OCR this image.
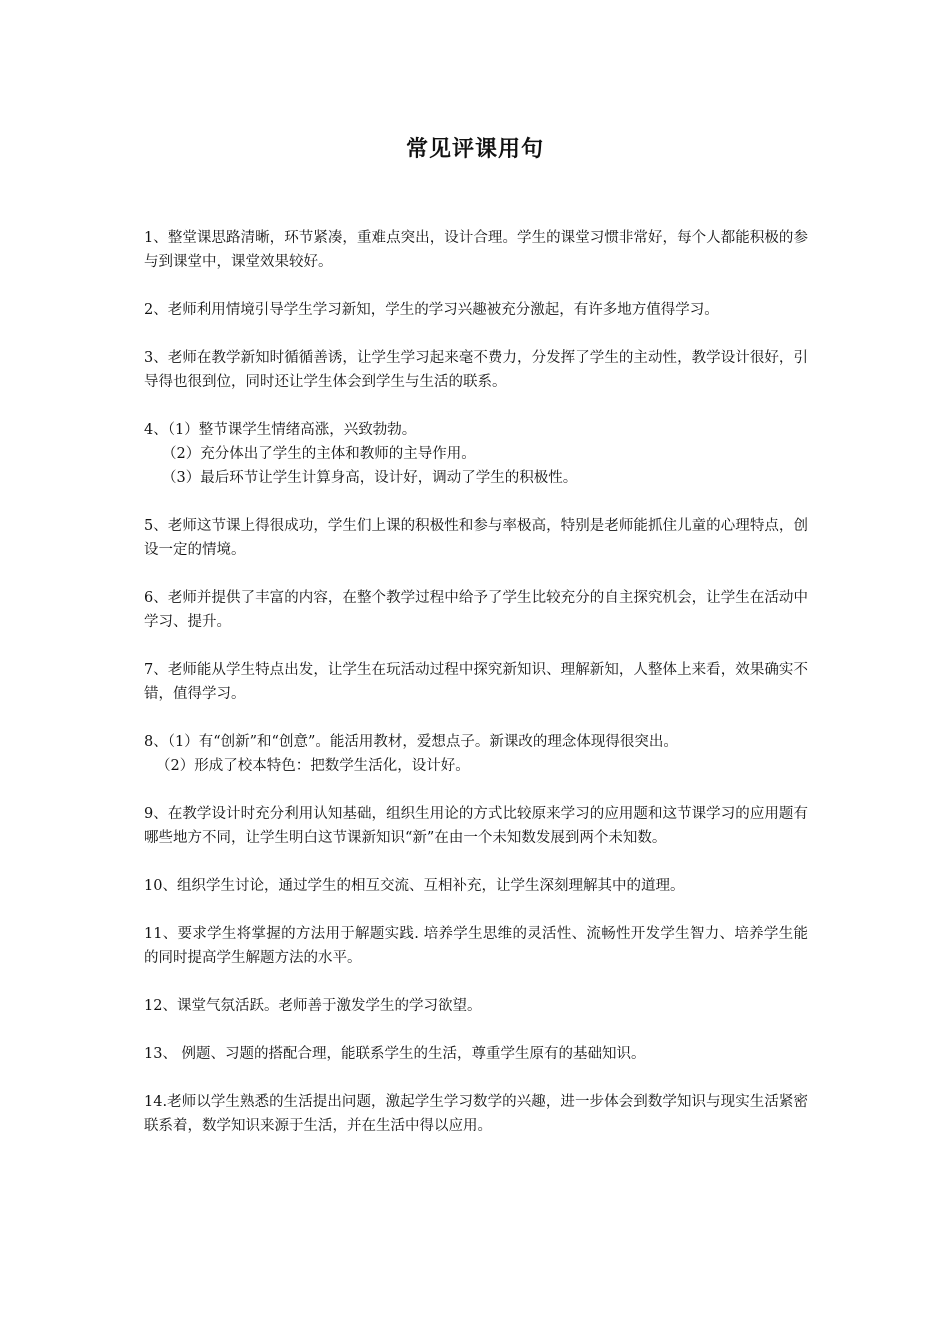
常见评课用句

1、整堂课思路清晰，环节紧凑，重难点突出，设计合理。学生的课堂习惯非常好，每个人都能积极的参与到课堂中，课堂效果较好。

2、老师利用情境引导学生学习新知，学生的学习兴趣被充分激起，有许多地方值得学习。

3、老师在教学新知时循循善诱，让学生学习起来毫不费力，分发挥了学生的主动性，教学设计很好，引导得也很到位，同时还让学生体会到学生与生活的联系。

4、（1）整节课学生情绪高涨，兴致勃勃。
（2）充分体出了学生的主体和教师的主导作用。
（3）最后环节让学生计算身高，设计好，调动了学生的积极性。

5、老师这节课上得很成功，学生们上课的积极性和参与率极高，特别是老师能抓住儿童的心理特点，创设一定的情境。

6、老师并提供了丰富的内容，在整个教学过程中给予了学生比较充分的自主探究机会，让学生在活动中学习、提升。

7、老师能从学生特点出发，让学生在玩活动过程中探究新知识、理解新知，人整体上来看，效果确实不错，值得学习。

8、（1）有“创新”和“创意”。能活用教材，爱想点子。新课改的理念体现得很突出。
（2）形成了校本特色：把数学生活化，设计好。

9、在教学设计时充分利用认知基础，组织生用论的方式比较原来学习的应用题和这节课学习的应用题有哪些地方不同，让学生明白这节课新知识“新”在由一个未知数发展到两个未知数。

10、组织学生讨论，通过学生的相互交流、互相补充，让学生深刻理解其中的道理。

11、要求学生将掌握的方法用于解题实践. 培养学生思维的灵活性、流畅性开发学生智力、培养学生能的同时提高学生解题方法的水平。

12、课堂气氛活跃。老师善于激发学生的学习欲望。

13、 例题、习题的搭配合理，能联系学生的生活，尊重学生原有的基础知识。

14.老师以学生熟悉的生活提出问题，激起学生学习数学的兴趣，进一步体会到数学知识与现实生活紧密联系着，数学知识来源于生活，并在生活中得以应用。
